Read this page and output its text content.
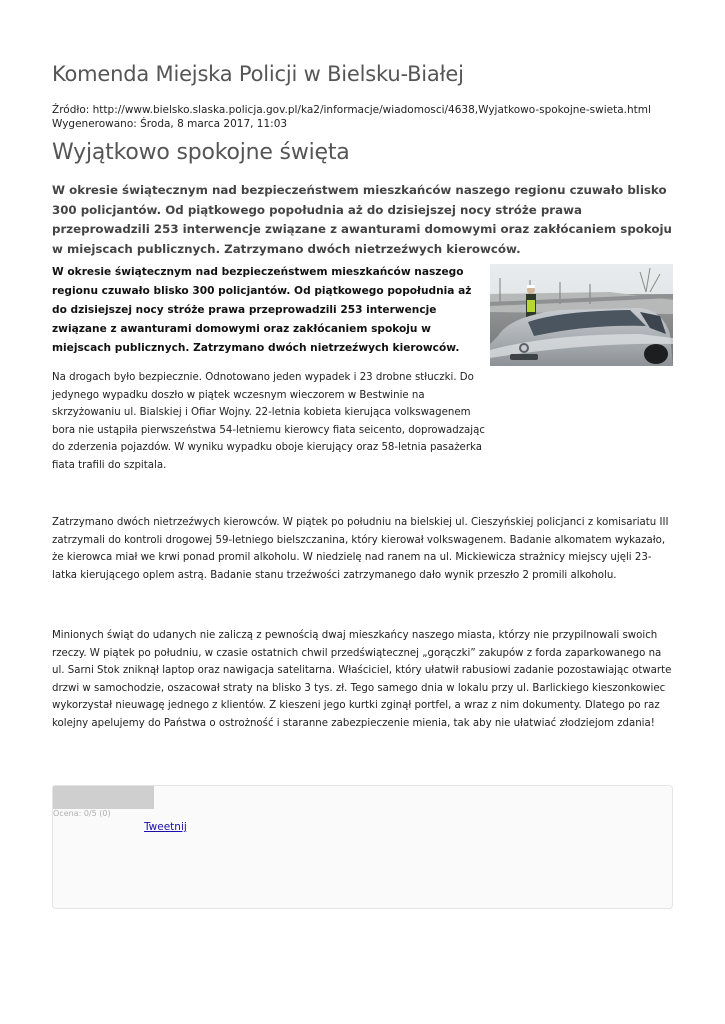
Komenda Miejska Policji w Bielsku-Białej
Źródło: http://www.bielsko.slaska.policja.gov.pl/ka2/informacje/wiadomosci/4638,Wyjatkowo-spokojne-swieta.html
Wygenerowano: Środa, 8 marca 2017, 11:03
Wyjątkowo spokojne święta

W okresie świątecznym nad bezpieczeństwem mieszkańców naszego regionu czuwało blisko 300 policjantów. Od piątkowego popołudnia aż do dzisiejszej nocy stróże prawa przeprowadzili 253 interwencje związane z awanturami domowymi oraz zakłócaniem spokoju w miejscach publicznych. Zatrzymano dwóch nietrzeźwych kierowców.

W okresie świątecznym nad bezpieczeństwem mieszkańców naszego regionu czuwało blisko 300 policjantów. Od piątkowego popołudnia aż do dzisiejszej nocy stróże prawa przeprowadzili 253 interwencje związane z awanturami domowymi oraz zakłócaniem spokoju w miejscach publicznych. Zatrzymano dwóch nietrzeźwych kierowców.

Na drogach było bezpiecznie. Odnotowano jeden wypadek i 23 drobne stłuczki. Do jedynego wypadku doszło w piątek wczesnym wieczorem w Bestwinie na skrzyżowaniu ul. Bialskiej i Ofiar Wojny. 22-letnia kobieta kierująca volkswagenem bora nie ustąpiła pierwszeństwa 54-letniemu kierowcy fiata seicento, doprowadzając do zderzenia pojazdów. W wyniku wypadku oboje kierujący oraz 58-letnia pasażerka fiata trafili do szpitala.

Zatrzymano dwóch nietrzeźwych kierowców. W piątek po południu na bielskiej ul. Cieszyńskiej policjanci z komisariatu III zatrzymali do kontroli drogowej 59-letniego bielszczanina, który kierował volkswagenem. Badanie alkomatem wykazało, że kierowca miał we krwi ponad promil alkoholu. W niedzielę nad ranem na ul. Mickiewicza strażnicy miejscy ujęli 23-latka kierującego oplem astrą. Badanie stanu trzeźwości zatrzymanego dało wynik przeszło 2 promili alkoholu.

Minionych świąt do udanych nie zaliczą z pewnością dwaj mieszkańcy naszego miasta, którzy nie przypilnowali swoich rzeczy. W piątek po południu, w czasie ostatnich chwil przedświątecznej „gorączki” zakupów z forda zaparkowanego na ul. Sarni Stok zniknął laptop oraz nawigacja satelitarna. Właściciel, który ułatwił rabusiowi zadanie pozostawiając otwarte drzwi w samochodzie, oszacował straty na blisko 3 tys. zł. Tego samego dnia w lokalu przy ul. Barlickiego kieszonkowiec wykorzystał nieuwagę jednego z klientów. Z kieszeni jego kurtki zginął portfel, a wraz z nim dokumenty. Dlatego po raz kolejny apelujemy do Państwa o ostrożność i staranne zabezpieczenie mienia, tak aby nie ułatwiać złodziejom zdania!

Ocena: 0/5 (0)
Tweetnij
